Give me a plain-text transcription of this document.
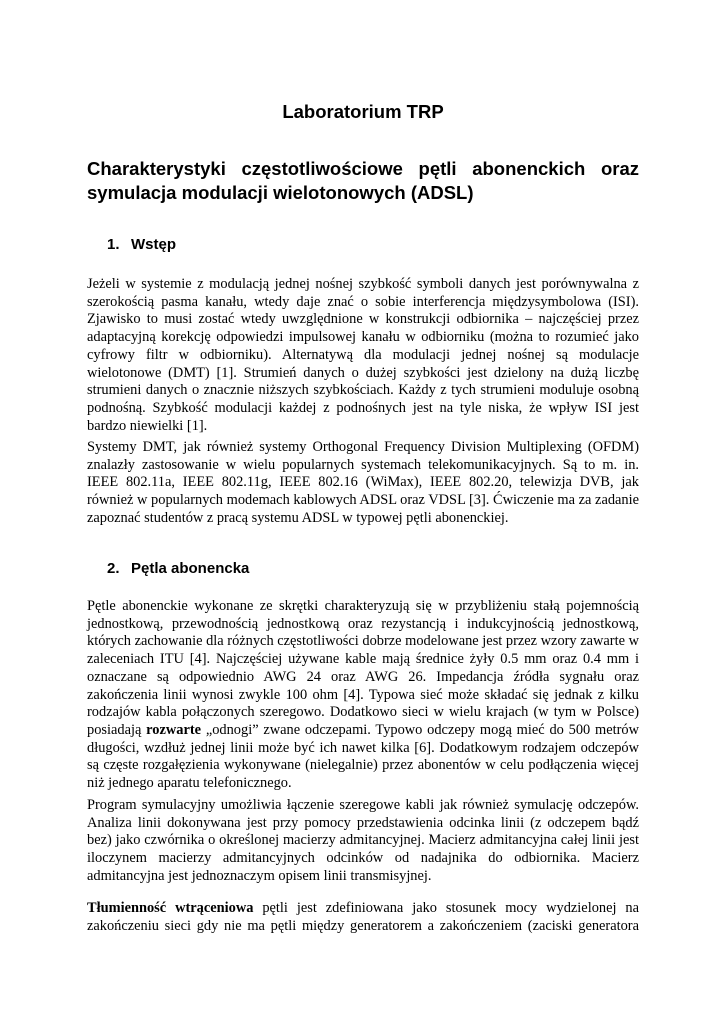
Laboratorium TRP
Charakterystyki częstotliwościowe pętli abonenckich oraz symulacja modulacji wielotonowych (ADSL)
1. Wstęp

Jeżeli w systemie z modulacją jednej nośnej szybkość symboli danych jest porównywalna z szerokością pasma kanału, wtedy daje znać o sobie interferencja międzysymbolowa (ISI). Zjawisko to musi zostać wtedy uwzględnione w konstrukcji odbiornika – najczęściej przez adaptacyjną korekcję odpowiedzi impulsowej kanału w odbiorniku (można to rozumieć jako cyfrowy filtr w odbiorniku). Alternatywą dla modulacji jednej nośnej są modulacje wielotonowe (DMT) [1]. Strumień danych o dużej szybkości jest dzielony na dużą liczbę strumieni danych o znacznie niższych szybkościach. Każdy z tych strumieni moduluje osobną podnośną. Szybkość modulacji każdej z podnośnych jest na tyle niska, że wpływ ISI jest bardzo niewielki [1].

Systemy DMT, jak również systemy Orthogonal Frequency Division Multiplexing (OFDM) znalazły zastosowanie w wielu popularnych systemach telekomunikacyjnych. Są to m. in. IEEE 802.11a, IEEE 802.11g, IEEE 802.16 (WiMax), IEEE 802.20, telewizja DVB, jak również w popularnych modemach kablowych ADSL oraz VDSL [3]. Ćwiczenie ma za zadanie zapoznać studentów z pracą systemu ADSL w typowej pętli abonenckiej.

2. Pętla abonencka

Pętle abonenckie wykonane ze skrętki charakteryzują się w przybliżeniu stałą pojemnością jednostkową, przewodnością jednostkową oraz rezystancją i indukcyjnością jednostkową, których zachowanie dla różnych częstotliwości dobrze modelowane jest przez wzory zawarte w zaleceniach ITU [4]. Najczęściej używane kable mają średnice żyły 0.5 mm oraz 0.4 mm i oznaczane są odpowiednio AWG 24 oraz AWG 26. Impedancja źródła sygnału oraz zakończenia linii wynosi zwykle 100 ohm [4]. Typowa sieć może składać się jednak z kilku rodzajów kabla połączonych szeregowo. Dodatkowo sieci w wielu krajach (w tym w Polsce) posiadają rozwarte „odnogi” zwane odczepami. Typowo odczepy mogą mieć do 500 metrów długości, wzdłuż jednej linii może być ich nawet kilka [6]. Dodatkowym rodzajem odczepów są częste rozgałęzienia wykonywane (nielegalnie) przez abonentów w celu podłączenia więcej niż jednego aparatu telefonicznego.

Program symulacyjny umożliwia łączenie szeregowe kabli jak również symulację odczepów. Analiza linii dokonywana jest przy pomocy przedstawienia odcinka linii (z odczepem bądź bez) jako czwórnika o określonej macierzy admitancyjnej. Macierz admitancyjna całej linii jest iloczynem macierzy admitancyjnych odcinków od nadajnika do odbiornika. Macierz admitancyjna jest jednoznaczym opisem linii transmisyjnej.

Tłumienność wtrąceniowa pętli jest zdefiniowana jako stosunek mocy wydzielonej na zakończeniu sieci gdy nie ma pętli między generatorem a zakończeniem (zaciski generatora
